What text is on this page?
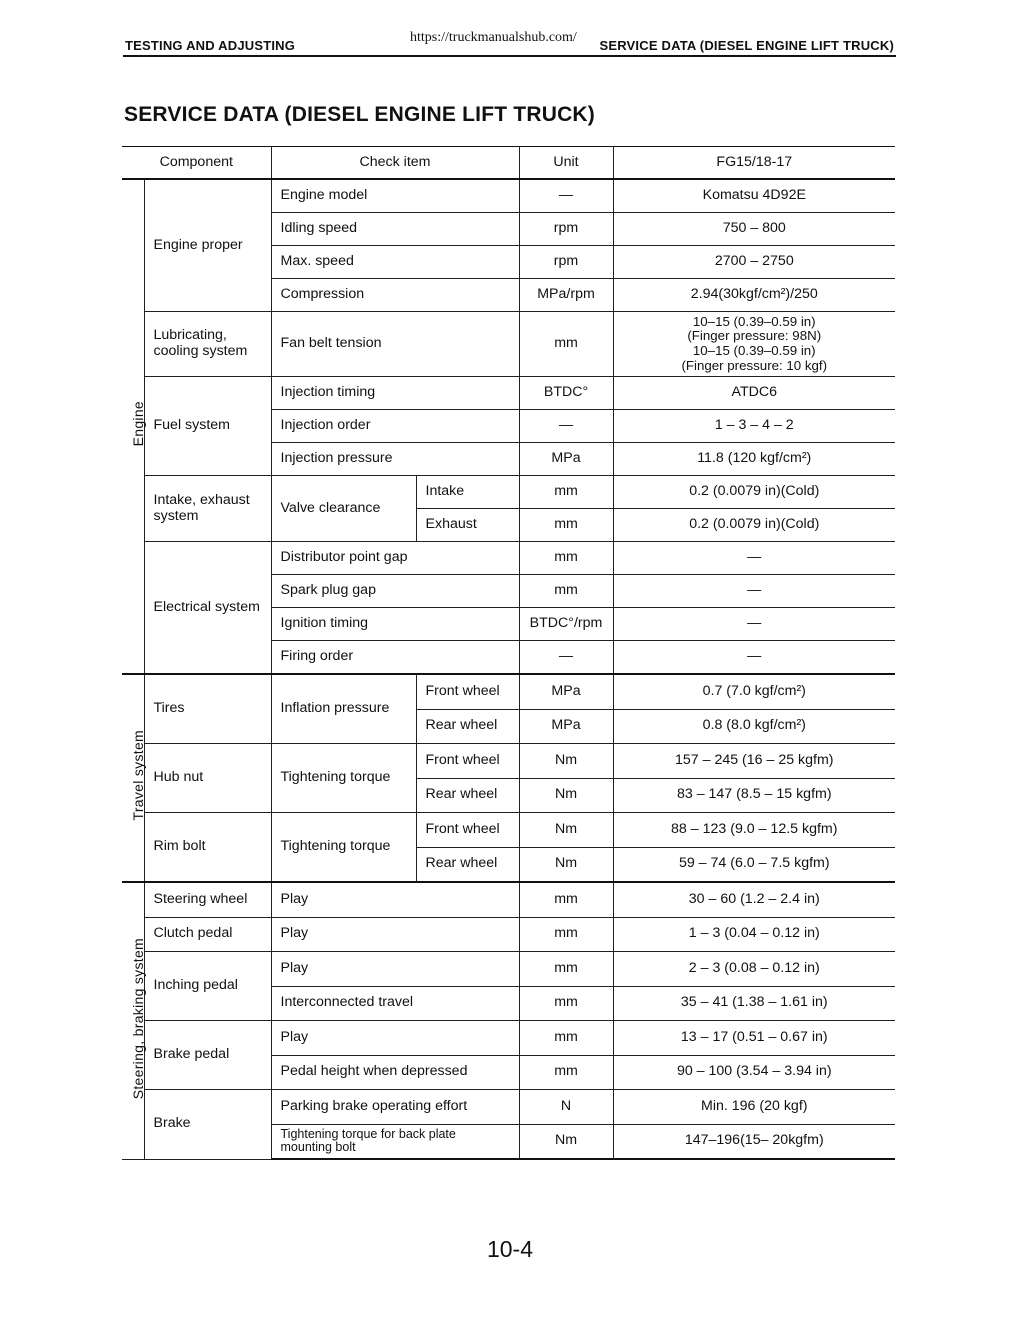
TESTING AND ADJUSTING
https://truckmanualshub.com/
SERVICE DATA (DIESEL ENGINE LIFT TRUCK)
SERVICE DATA (DIESEL ENGINE LIFT TRUCK)
Component		Check item		Unit	FG15/18-17
Engine	Engine proper	Engine model		—	Komatsu 4D92E
		Idling speed		rpm	750 – 800
		Max. speed		rpm	2700 – 2750
		Compression		MPa/rpm	2.94(30kgf/cm²)/250
	Lubricating, cooling system	Fan belt tension		mm	10–15 (0.39–0.59 in)
(Finger pressure: 98N)
10–15 (0.39–0.59 in)
(Finger pressure: 10 kgf)

	Fuel system	Injection timing		BTDC°	ATDC6
		Injection order		—	1 – 3 – 4 – 2
		Injection pressure		MPa	11.8 (120 kgf/cm²)
	Intake, exhaust system	Valve clearance	Intake	mm	0.2 (0.0079 in)(Cold)
			Exhaust	mm	0.2 (0.0079 in)(Cold)
	Electrical system	Distributor point gap		mm	—
		Spark plug gap		mm	—
		Ignition timing		BTDC°/rpm	—
		Firing order		—	—
Travel system	Tires	Inflation pressure	Front wheel	MPa	0.7 (7.0 kgf/cm²)
			Rear wheel	MPa	0.8 (8.0 kgf/cm²)
	Hub nut	Tightening torque	Front wheel	Nm	157 – 245 (16 – 25 kgfm)
			Rear wheel	Nm	83 – 147 (8.5 – 15 kgfm)
	Rim bolt	Tightening torque	Front wheel	Nm	88 – 123 (9.0 – 12.5 kgfm)
			Rear wheel	Nm	59 – 74 (6.0 – 7.5 kgfm)
Steering, braking system	Steering wheel	Play		mm	30 – 60 (1.2 – 2.4 in)
	Clutch pedal	Play		mm	1 – 3 (0.04 – 0.12 in)
	Inching pedal	Play		mm	2 – 3 (0.08 – 0.12 in)
		Interconnected travel		mm	35 – 41 (1.38 – 1.61 in)
	Brake pedal	Play		mm	13 – 17 (0.51 – 0.67 in)
		Pedal height when depressed		mm	90 – 100 (3.54 – 3.94 in)
	Brake	Parking brake operating effort		N	Min. 196 (20 kgf)
		Tightening torque for back plate mounting bolt		Nm	147–196(15– 20kgfm)
10-4
